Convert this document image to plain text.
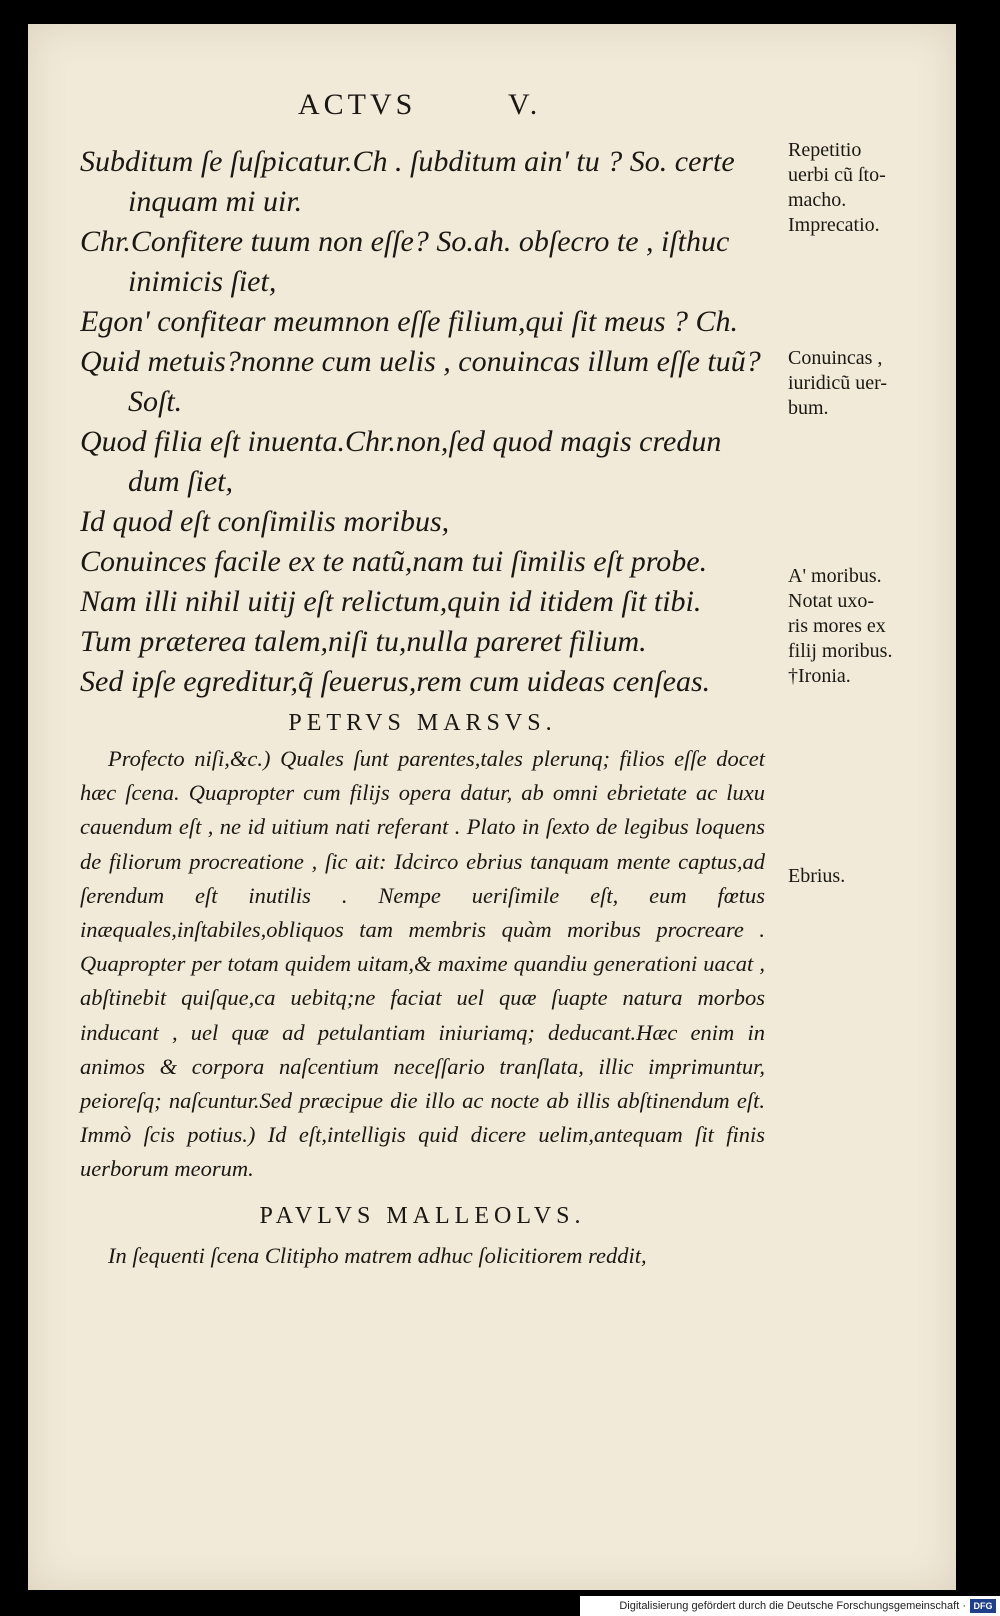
ACTVS	V.
Subditum ſe ſuſpicatur.Ch . ſubditum ain' tu ? So. certe
inquam mi uir.
Chr.Confitere tuum non eſſe? So.ah. obſecro te , iſthuc
inimicis ſiet,
Egon' confitear meumnon eſſe filium,qui ſit meus ? Ch.
Quid metuis?nonne cum uelis , conuincas illum eſſe tuũ?
Soſt.
Quod filia eſt inuenta.Chr.non,ſed quod magis credun
dum ſiet,
Id quod eſt conſimilis moribus,
Conuinces facile ex te natũ,nam tui ſimilis eſt probe.
Nam illi nihil uitij eſt relictum,quin id itidem ſit tibi.
Tum præterea talem,niſi tu,nulla pareret filium.
Sed ipſe egreditur,q̃ ſeuerus,rem cum uideas cenſeas.
PETRVS MARSVS.

Profecto niſi,&c.) Quales ſunt parentes,tales plerunq; filios eſſe docet hæc ſcena. Quapropter cum filijs opera datur, ab omni ebrietate ac luxu cauendum eſt , ne id uitium nati referant . Plato in ſexto de legibus loquens de filiorum procreatione , ſic ait: Idcirco ebrius tanquam mente captus,ad ſerendum eſt inutilis . Nempe ueriſimile eſt, eum fœtus inæquales,inſtabiles,obliquos tam membris quàm moribus procreare . Quapropter per totam quidem uitam,& maxime quandiu generationi uacat , abſtinebit quiſque,ca uebitq;ne faciat uel quæ ſuapte natura morbos inducant , uel quæ ad petulantiam iniuriamq; deducant.Hæc enim in animos & corpora naſcentium neceſſario tranſlata, illic imprimuntur, peioreſq; naſcuntur.Sed præcipue die illo ac nocte ab illis abſtinendum eſt. Immò ſcis potius.) Id eſt,intelligis quid dicere uelim,antequam ſit finis uerborum meorum.

PAVLVS MALLEOLVS.

In ſequenti ſcena Clitipho matrem adhuc ſolicitiorem reddit,

Repetitio
uerbi cũ ſto-
macho.
Imprecatio.
Conuincas ,
iuridicũ uer-
bum.
A' moribus.
Notat uxo-
ris mores ex
filij moribus.
†Ironia.
Ebrius.
Digitalisierung gefördert durch die Deutsche Forschungsgemeinschaft · DFG
